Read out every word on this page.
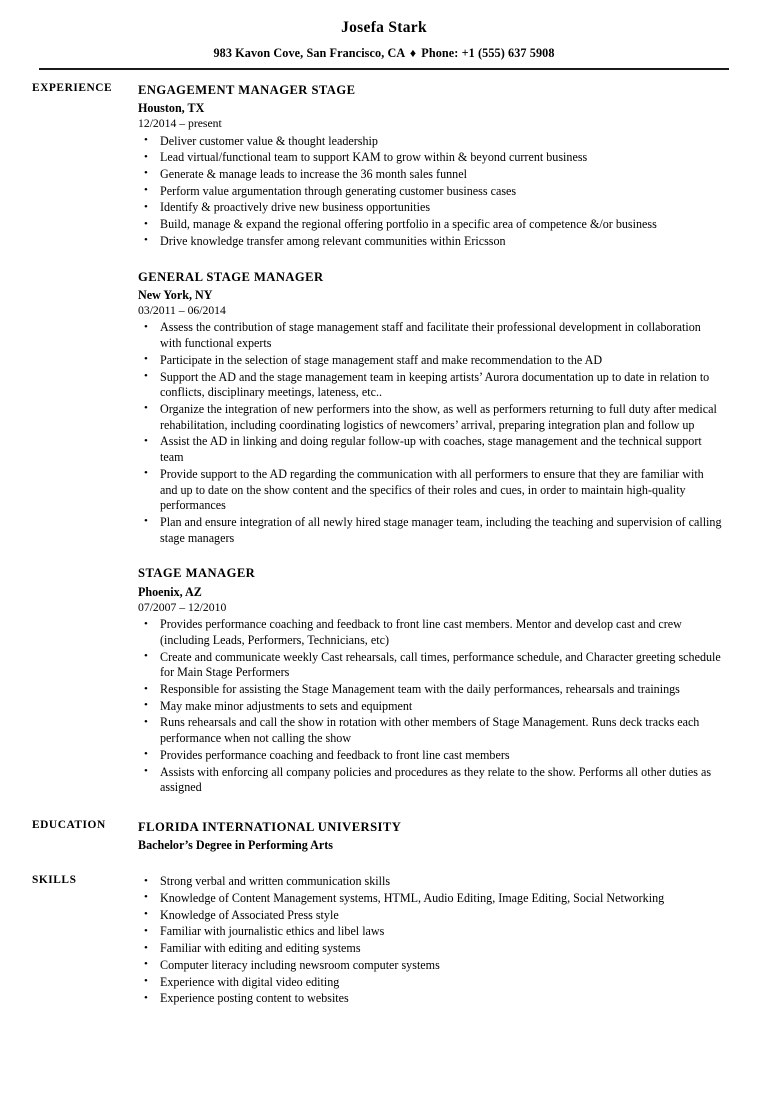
Josefa Stark
983 Kavon Cove, San Francisco, CA ♦ Phone: +1 (555) 637 5908
EXPERIENCE	ENGAGEMENT MANAGER STAGE
Houston, TX
12/2014 – present
• Deliver customer value & thought leadership
• Lead virtual/functional team to support KAM to grow within & beyond current business
• Generate & manage leads to increase the 36 month sales funnel
• Perform value argumentation through generating customer business cases
• Identify & proactively drive new business opportunities
• Build, manage & expand the regional offering portfolio in a specific area of competence &/or business
• Drive knowledge transfer among relevant communities within Ericsson
GENERAL STAGE MANAGER
New York, NY
03/2011 – 06/2014
• Assess the contribution of stage management staff and facilitate their professional development in collaboration with functional experts
• Participate in the selection of stage management staff and make recommendation to the AD
• Support the AD and the stage management team in keeping artists’ Aurora documentation up to date in relation to conflicts, disciplinary meetings, lateness, etc..
• Organize the integration of new performers into the show, as well as performers returning to full duty after medical rehabilitation, including coordinating logistics of newcomers’ arrival, preparing integration plan and follow up
• Assist the AD in linking and doing regular follow-up with coaches, stage management and the technical support team
• Provide support to the AD regarding the communication with all performers to ensure that they are familiar with and up to date on the show content and the specifics of their roles and cues, in order to maintain high-quality performances
• Plan and ensure integration of all newly hired stage manager team, including the teaching and supervision of calling stage managers
STAGE MANAGER
Phoenix, AZ
07/2007 – 12/2010
• Provides performance coaching and feedback to front line cast members. Mentor and develop cast and crew (including Leads, Performers, Technicians, etc)
• Create and communicate weekly Cast rehearsals, call times, performance schedule, and Character greeting schedule for Main Stage Performers
• Responsible for assisting the Stage Management team with the daily performances, rehearsals and trainings
• May make minor adjustments to sets and equipment
• Runs rehearsals and call the show in rotation with other members of Stage Management. Runs deck tracks each performance when not calling the show
• Provides performance coaching and feedback to front line cast members
• Assists with enforcing all company policies and procedures as they relate to the show. Performs all other duties as assigned
EDUCATION	FLORIDA INTERNATIONAL UNIVERSITY
Bachelor’s Degree in Performing Arts
SKILLS	• Strong verbal and written communication skills
• Knowledge of Content Management systems, HTML, Audio Editing, Image Editing, Social Networking
• Knowledge of Associated Press style
• Familiar with journalistic ethics and libel laws
• Familiar with editing and editing systems
• Computer literacy including newsroom computer systems
• Experience with digital video editing
• Experience posting content to websites
